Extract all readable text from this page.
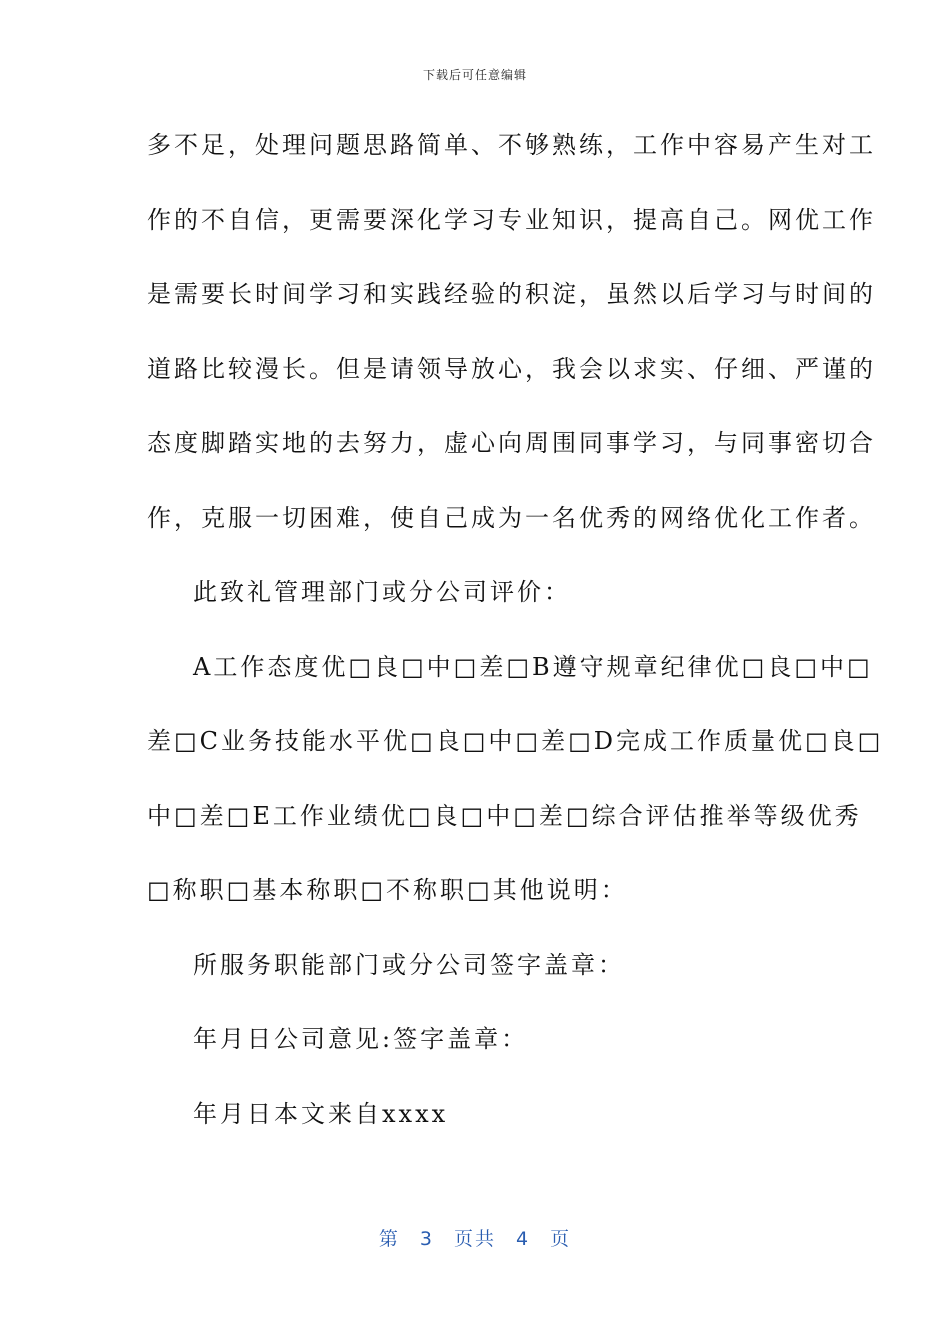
下载后可任意编辑
多不足，处理问题思路简单、不够熟练，工作中容易产生对工
作的不自信，更需要深化学习专业知识，提高自己。网优工作
是需要长时间学习和实践经验的积淀，虽然以后学习与时间的
道路比较漫长。但是请领导放心，我会以求实、仔细、严谨的
态度脚踏实地的去努力，虚心向周围同事学习，与同事密切合
作，克服一切困难，使自己成为一名优秀的网络优化工作者。
此致礼管理部门或分公司评价：
A工作态度优□良□中□差□B遵守规章纪律优□良□中□
差□C业务技能水平优□良□中□差□D完成工作质量优□良□
中□差□E工作业绩优□良□中□差□综合评估推举等级优秀
□称职□基本称职□不称职□其他说明：
所服务职能部门或分公司签字盖章：
年月日公司意见:签字盖章：
年月日本文来自xxxx
第 3 页共 4 页
